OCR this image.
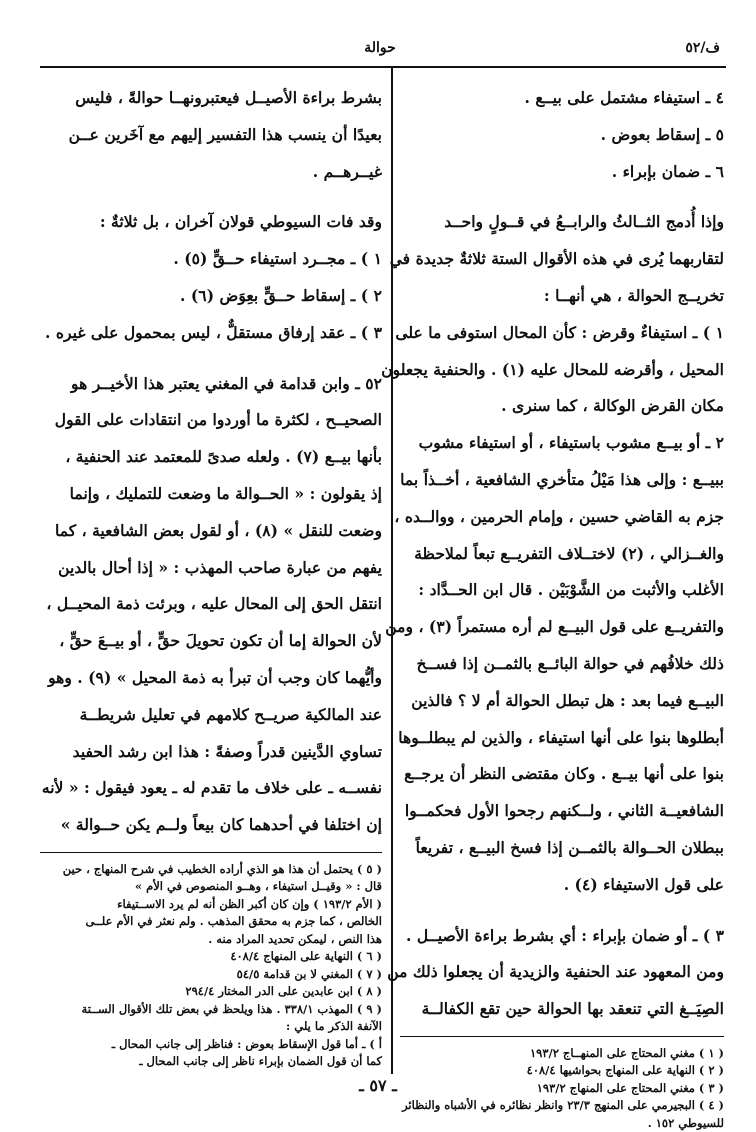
حوالة	ف/٥٢

٤ ـ استيفاء مشتمل على بيــع .

٥ ـ إسقاط بعوض .

٦ ـ ضمان بإبراء .

وإذا أُدمج الثــالثُ والرابــعُ في قــولٍ واحــد

لتقاربهما يُرى في هذه الأقوال الستة ثلاثةٌ جديدة في

تخريــج الحوالة ، هي أنهــا :

١ ) ـ استيفاءٌ وقرض : كأن المحال استوفى ما على

المحيل ، وأقرضه للمحال عليه (١) . والحنفية يجعلون

مكان القرض الوكالة ، كما سنرى .

٢ ـ أو بيــع مشوب باستيفاء ، أو استيفاء مشوب

ببيــع : وإلى هذا مَيْلُ متأخري الشافعية ، أخــذاً بما

جزم به القاضي حسين ، وإمام الحرمين ، ووالــده ،

والغــزالي ، (٢) لاختــلاف التفريــع تبعاً لملاحظة

الأغلب والأثبت من الشَّوْبَيْن . قال ابن الحــدَّاد :

والتفريــع على قول البيــع لم أره مستمراً (٣) ، ومن

ذلك خلافُهم في حوالة البائــع بالثمــن إذا فســخ

البيــع فيما بعد : هل تبطل الحوالة أم لا ؟ فالذين

أبطلوها بنوا على أنها استيفاء ، والذين لم يبطلــوها

بنوا على أنها بيــع . وكان مقتضى النظر أن يرجــع

الشافعيــة الثاني ، ولــكنهم رجحوا الأول فحكمــوا

ببطلان الحــوالة بالثمــن إذا فسخ البيــع ، تفريعاً

على قول الاستيفاء (٤) .

٣ ) ـ أو ضمان بإبراء : أي بشرط براءة الأصيــل .

ومن المعهود عند الحنفية والزيدية أن يجعلوا ذلك من

الصِيَــغ التي تنعقد بها الحوالة حين تقع الكفالــة

( ١ ) مغني المحتاج على المنهــاج ١٩٣/٢

( ٢ ) النهاية على المنهاج بحواشيها ٤٠٨/٤

( ٣ ) مغني المحتاج على المنهاج ١٩٣/٢

( ٤ ) البجيرمي على المنهج ٢٣/٣ وانظر نظائره في الأشباه والنظائر

للسيوطي ١٥٢ .

بشرط براءة الأصيــل فيعتبرونهــا حوالةً ، فليس

بعيدًا أن ينسب هذا التفسير إليهم مع آخَرين عــن

غيــرهــم .

وقد فات السيوطي قولان آخران ، بل ثلاثةٌ :

١ ) ـ مجــرد استيفاء حــقٍّ (٥) .

٢ ) ـ إسقاط حــقٍّ بعِوَض (٦) .

٣ ) ـ عقد إرفاق مستقلٌّ ، ليس بمحمول على غيره .

٥٢ ـ وابن قدامة في المغني يعتبر هذا الأخيــر هو

الصحيــح ، لكثرة ما أوردوا من انتقادات على القول

بأنها بيــع (٧) . ولعله صدىً للمعتمد عند الحنفية ،

إذ يقولون : « الحــوالة ما وضعت للتمليك ، وإنما

وضعت للنقل » (٨) ، أو لقول بعض الشافعية ، كما

يفهم من عبارة صاحب المهذب : « إذا أحال بالدين

انتقل الحق إلى المحال عليه ، وبرئت ذمة المحيــل ،

لأن الحوالة إما أن تكون تحويلَ حقٍّ ، أو بيــعَ حقٍّ ،

وأيُّهما كان وجب أن تبرأ به ذمة المحيل » (٩) . وهو

عند المالكية صريــح كلامهم في تعليل شريطــة

تساوي الدَّينين قدراً وصفةً : هذا ابن رشد الحفيد

نفســه ـ على خلاف ما تقدم له ـ يعود فيقول : « لأنه

إن اختلفا في أحدهما كان بيعاً ولــم يكن حــوالة »

( ٥ ) يحتمل أن هذا هو الذي أراده الخطيب في شرح المنهاج ، حين

قال : « وقيــل استيفاء ، وهــو المنصوص في الأم »

( الأم ١٩٣/٢ ) وإن كان أكبر الظن أنه لم يرد الاســتيفاء

الخالص ، كما جزم به محقق المذهب . ولم نعثر في الأم علــى

هذا النص ، ليمكن تحديد المراد منه .

( ٦ ) النهاية على المنهاج ٤٠٨/٤

( ٧ ) المغني لا بن قدامة ٥٤/٥

( ٨ ) ابن عابدين على الدر المختار ٢٩٤/٤

( ٩ ) المهذب ٣٣٨/١ . هذا ويلحظ في بعض تلك الأقوال الســتة

الآنفة الذكر ما يلي :

أ ) ـ أما قول الإسقاط بعوض : فناظر إلى جانب المحال ـ

كما أن قول الضمان بإبراء ناظر إلى جانب المحال ـ

ـ ٥٧ ـ
